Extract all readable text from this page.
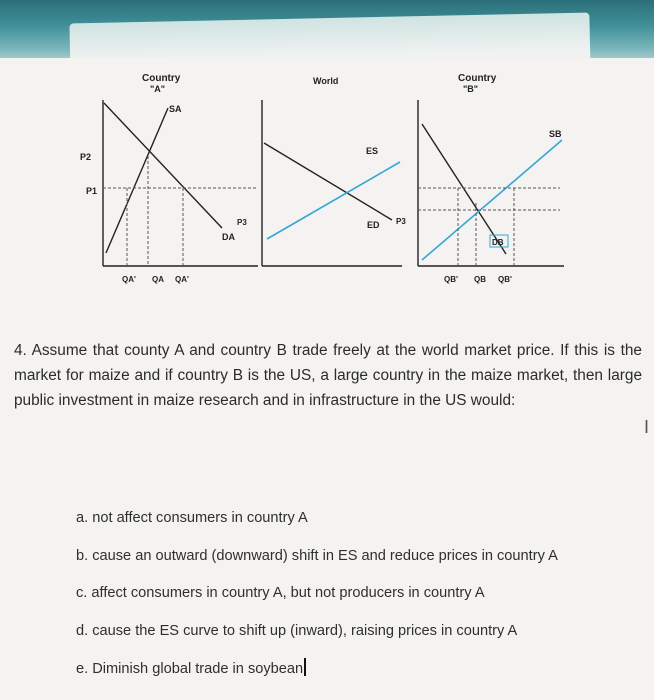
Country
"A"
SA
DA
P2
P1
QA' QA QA'
World
ES
ED
P3	P3
Country
"B"
SB
DB
QB' QB QB'
4. Assume that county A and country B trade freely at the world market price. If this is the market for maize and if country B is the US, a large country in the maize market, then large public investment in maize research and in infrastructure in the US would:
I
a. not affect consumers in country A
b. cause an outward (downward) shift in ES and reduce prices in country A
c. affect consumers in country A, but not producers in country A
d. cause the ES curve to shift up (inward), raising prices in country A
e. Diminish global trade in soybean
